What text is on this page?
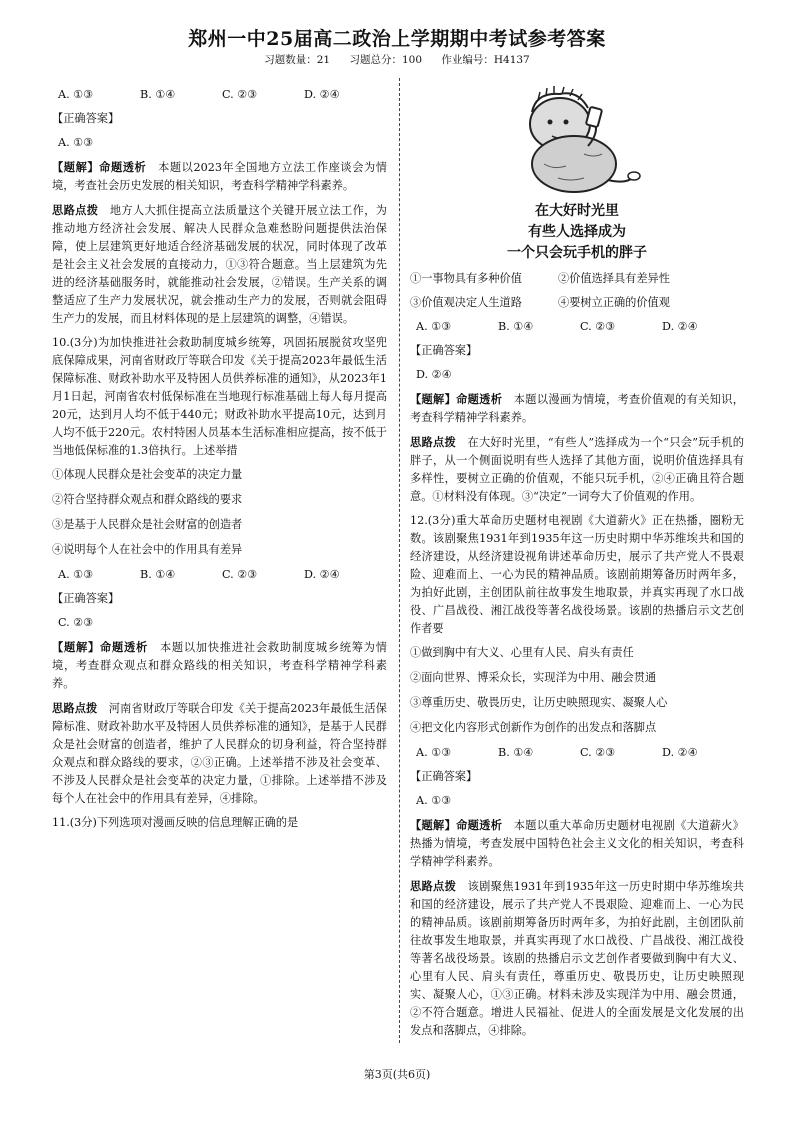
郑州一中25届高二政治上学期期中考试参考答案
习题数量：21 习题总分：100 作业编号：H4137
A. ①③	B. ①④	C. ②③	D. ②④
【正确答案】
A. ①③
【题解】命题透析　 本题以2023年全国地方立法工作座谈会为情境，考查社会历史发展的相关知识，考查科学精神学科素养。
思路点拨　 地方人大抓住提高立法质量这个关键开展立法工作，为推动地方经济社会发展、解决人民群众急难愁盼问题提供法治保障，使上层建筑更好地适合经济基础发展的状况，同时体现了改革是社会主义社会发展的直接动力，①③符合题意。当上层建筑为先进的经济基础服务时，就能推动社会发展，②错误。生产关系的调整适应了生产力发展状况，就会推动生产力的发展，否则就会阻碍生产力的发展，而且材料体现的是上层建筑的调整，④错误。
10.(3分)为加快推进社会救助制度城乡统筹，巩固拓展脱贫攻坚兜底保障成果，河南省财政厅等联合印发《关于提高2023年最低生活保障标准、财政补助水平及特困人员供养标准的通知》，从2023年1月1日起，河南省农村低保标准在当地现行标准基础上每人每月提高20元，达到月人均不低于440元；财政补助水平提高10元，达到月人均不低于220元。农村特困人员基本生活标准相应提高，按不低于当地低保标准的1.3倍执行。上述举措
①体现人民群众是社会变革的决定力量
②符合坚持群众观点和群众路线的要求
③是基于人民群众是社会财富的创造者
④说明每个人在社会中的作用具有差异
A. ①③	B. ①④	C. ②③	D. ②④
【正确答案】
C. ②③
【题解】命题透析　 本题以加快推进社会救助制度城乡统筹为情境，考查群众观点和群众路线的相关知识，考查科学精神学科素养。
思路点拨　 河南省财政厅等联合印发《关于提高2023年最低生活保障标准、财政补助水平及特困人员供养标准的通知》，是基于人民群众是社会财富的创造者，维护了人民群众的切身利益，符合坚持群众观点和群众路线的要求，②③正确。上述举措不涉及社会变革、不涉及人民群众是社会变革的决定力量，①排除。上述举措不涉及每个人在社会中的作用具有差异，④排除。
11.(3分)下列选项对漫画反映的信息理解正确的是
在大好时光里
有些人选择成为
一个只会玩手机的胖子
①一事物具有多种价值	②价值选择具有差异性
③价值观决定人生道路	④要树立正确的价值观
A. ①③	B. ①④	C. ②③	D. ②④
【正确答案】
D. ②④
【题解】命题透析　 本题以漫画为情境，考查价值观的有关知识，考查科学精神学科素养。
思路点拨　 在大好时光里，“有些人”选择成为一个“只会”玩手机的胖子，从一个侧面说明有些人选择了其他方面，说明价值选择具有多样性，要树立正确的价值观，不能只玩手机，②④正确且符合题意。①材料没有体现。③“决定”一词夸大了价值观的作用。
12.(3分)重大革命历史题材电视剧《大道薪火》正在热播，圈粉无数。该剧聚焦1931年到1935年这一历史时期中华苏维埃共和国的经济建设，从经济建设视角讲述革命历史，展示了共产党人不畏艰险、迎难而上、一心为民的精神品质。该剧前期筹备历时两年多，为拍好此剧，主创团队前往故事发生地取景，并真实再现了水口战役、广昌战役、湘江战役等著名战役场景。该剧的热播启示文艺创作者要
①做到胸中有大义、心里有人民、肩头有责任
②面向世界、博采众长，实现洋为中用、融会贯通
③尊重历史、敬畏历史，让历史映照现实、凝聚人心
④把文化内容形式创新作为创作的出发点和落脚点
A. ①③	B. ①④	C. ②③	D. ②④
【正确答案】
A. ①③
【题解】命题透析　 本题以重大革命历史题材电视剧《大道薪火》热播为情境，考查发展中国特色社会主义文化的相关知识，考查科学精神学科素养。
思路点拨　 该剧聚焦1931年到1935年这一历史时期中华苏维埃共和国的经济建设，展示了共产党人不畏艰险、迎难而上、一心为民的精神品质。该剧前期筹备历时两年多，为拍好此剧，主创团队前往故事发生地取景，并真实再现了水口战役、广昌战役、湘江战役等著名战役场景。该剧的热播启示文艺创作者要做到胸中有大义、心里有人民、肩头有责任，尊重历史、敬畏历史，让历史映照现实、凝聚人心，①③正确。材料未涉及实现洋为中用、融会贯通，②不符合题意。增进人民福祉、促进人的全面发展是文化发展的出发点和落脚点，④排除。
第3页(共6页)
